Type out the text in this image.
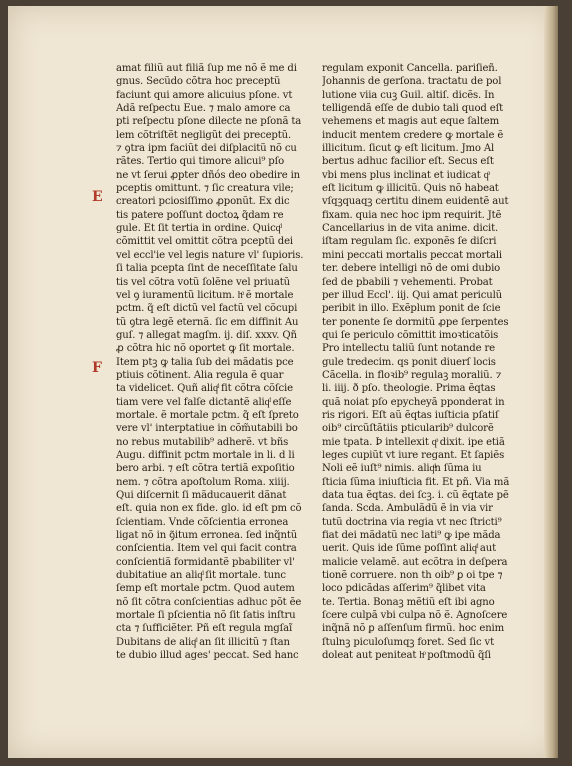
E
F
amat filiũ aut filiã ſup me nõ ẽ me di
gnus. Secũdo cõtra hoc preceptũ
faciunt qui amore alicuius pſone. vt
Adã reſpectu Eue. ⁊ malo amore ca
pti reſpectu pſone dilecte ne pſonã ta
lem cõtriſtẽt negligũt dei preceptũ.
⁊ ꝯtra ipm faciũt dei diſplacitũ nõ cu
rãtes. Tertio qui timore alicui⁹ pſo
ne vt ſerui ꝓpter dñós deo obedire in
pceptis omittunt. ⁊ ſic creatura vile;
creatori pciosiſſimo ꝓponũt. Ex dic
tis patere poſſunt doctoꝝ q̃dam re
gule. Et ſit tertia in ordine. Quicqͩ
cõmittit vel omittit cõtra pceptũ dei
vel eccl'ie vel legis nature vl' ſupioris.
ſi talia pcepta ſint de neceſſitate ſalu
tis vel cõtra votũ ſolẽne vel priuatũ
vel ꝯ iuramentũ licitum. hͦ ẽ mortale
pctm. q̃ eſt dictũ vel factũ vel cõcupi
tũ ꝯtra legẽ eternã. ſic em diffinit Au
guſ. ⁊ allegat magſm. ij. diſ. xxxv. Qñ
ꝓ cõtra hic nõ oportet ꝙ ſit mortale.
Item ptꝫ ꝙ talia ſub dei mãdatis pce
ptiuis cõtinent. Alia regula ẽ quar
ta videlicet. Quñ aliqͩ fit cõtra cõſcie
tiam vere vel falſe dictantẽ aliqͩ eſſe
mortale. ẽ mortale pctm. q̃ eſt ſpreto
vere vl' interptatiue in cõm̃utabili bo
no rebus mutabilib⁹ adherẽ. vt bñs
Augu. diffinit pctm mortale in li. d li
bero arbi. ⁊ eſt cõtra tertiã expoſitio
nem. ⁊ cõtra apoſtolum Roma. xiiij.
Qui diſcernit ſi mãducauerit dãnat
eſt. quia non ex fide. glo. id eſt pm cõ
ſcientiam. Vnde cõſcientia erronea
ligat nõ in ꝯ̃itum erronea. ſed inq̃ntũ
conſcientia. Item vel qui facit contra
conſcientiã formidantẽ pbabiliter vl'
dubitatiue an aliqͩ ſit mortale. tunc
ſemp eſt mortale pctm. Quod autem
nõ ſit cõtra conſcientias adhuc põt ẽe
mortale ſi pſcientia nõ ſit ſatis inſtru
cta ⁊ ſufficiẽter. Pñ eſt regula mgſaĩ
Dubitans de aliqͩ an ſit illicitũ ⁊ ſtan
te dubio illud ages' peccat. Sed hanc
regulam exponit Cancella. pariſieñ.
Johannis de gerſona. tractatu de pol
lutione viia cuꝫ Guil. altiſ. dicẽs. In
telligendã eſſe de dubio tali quod eſt
vehemens et magis aut eque ſaltem
inducit mentem credere ꝙ mortale ẽ
illicitum. ſicut ꝙ eſt licitum. Jmo Al
bertus adhuc facilior eſt. Secus eſt
vbi mens plus inclinat et iudicat qͦ
eſt licitum ꝙ illicitũ. Quis nõ habeat
vſqꝫquaqꝫ certitu dinem euidentẽ aut
fixam. quia nec hoc ipm requirit. Jtẽ
Cancellarius in de vita anime. dicit.
iſtam regulam ſic. exponẽs ſe diſcri
mini peccati mortalis peccat mortali
ter. debere intelligi nõ de omi dubio
ſed de pbabili ⁊ vehementi. Probat
per illud Eccl'. iij. Qui amat periculũ
peribit in illo. Exẽplum ponit de ſcie
ter ponente ſe dormitũ ꝓpe ſerpentes
qui ſe periculo cõmittit imoꝛticatõis
Pro intellectu taliũ ſunt notande re
gule tredecim. qs ponit diuerſ locis
Cãcella. in floꝛib⁹ regulaꝫ moraliũ. ⁊
li. iiij. ð pſo. theologie. Prima ẽqtas
quã noiat pſo epycheyã pponderat in
ris rigori. Eſt aũ ẽqtas iuſticia pſatiſ
oib⁹ circũſtãtiis pticularib⁹ dulcorẽ
mie tpata. Þ intellexit qͦ dixit. ipe etiã
leges cupiũt vt iure regant. Et ſapiẽs
Noli eẽ iuſt⁹ nimis. aliqͩn ſũma iu
ſticia ſũma iniuſticia fit. Et pñ. Via mã
data tua ẽqtas. dei ſcꝫ. i. cũ ẽqtate pẽ
ſanda. Scda. Ambulãdũ ẽ in via vir
tutũ doctrina via regia vt nec ſtricti⁹
fiat dei mãdatũ nec lati⁹ ꝙ ipe mãda
uerit. Quis ide ſũme poſſint aliqͩ aut
malicie velamẽ. aut ecõtra in deſpera
tionẽ corruere. non th oib⁹ ꝑ oi tpe ⁊
loco pdicãdas aſſerim⁹ q̃libet vita
te. Tertia. Bonaꝫ mẽtiũ eſt ibi agno
ſcere culpã vbi culpa nõ ẽ. Agnoſcere
inq̃nã nõ ꝑ aſſenſum firmũ. hoc enim
ſtulnꝫ piculoſumqꝫ foret. Sed ſic vt
doleat aut peniteat hͦ poſtmodũ q̃ſi
